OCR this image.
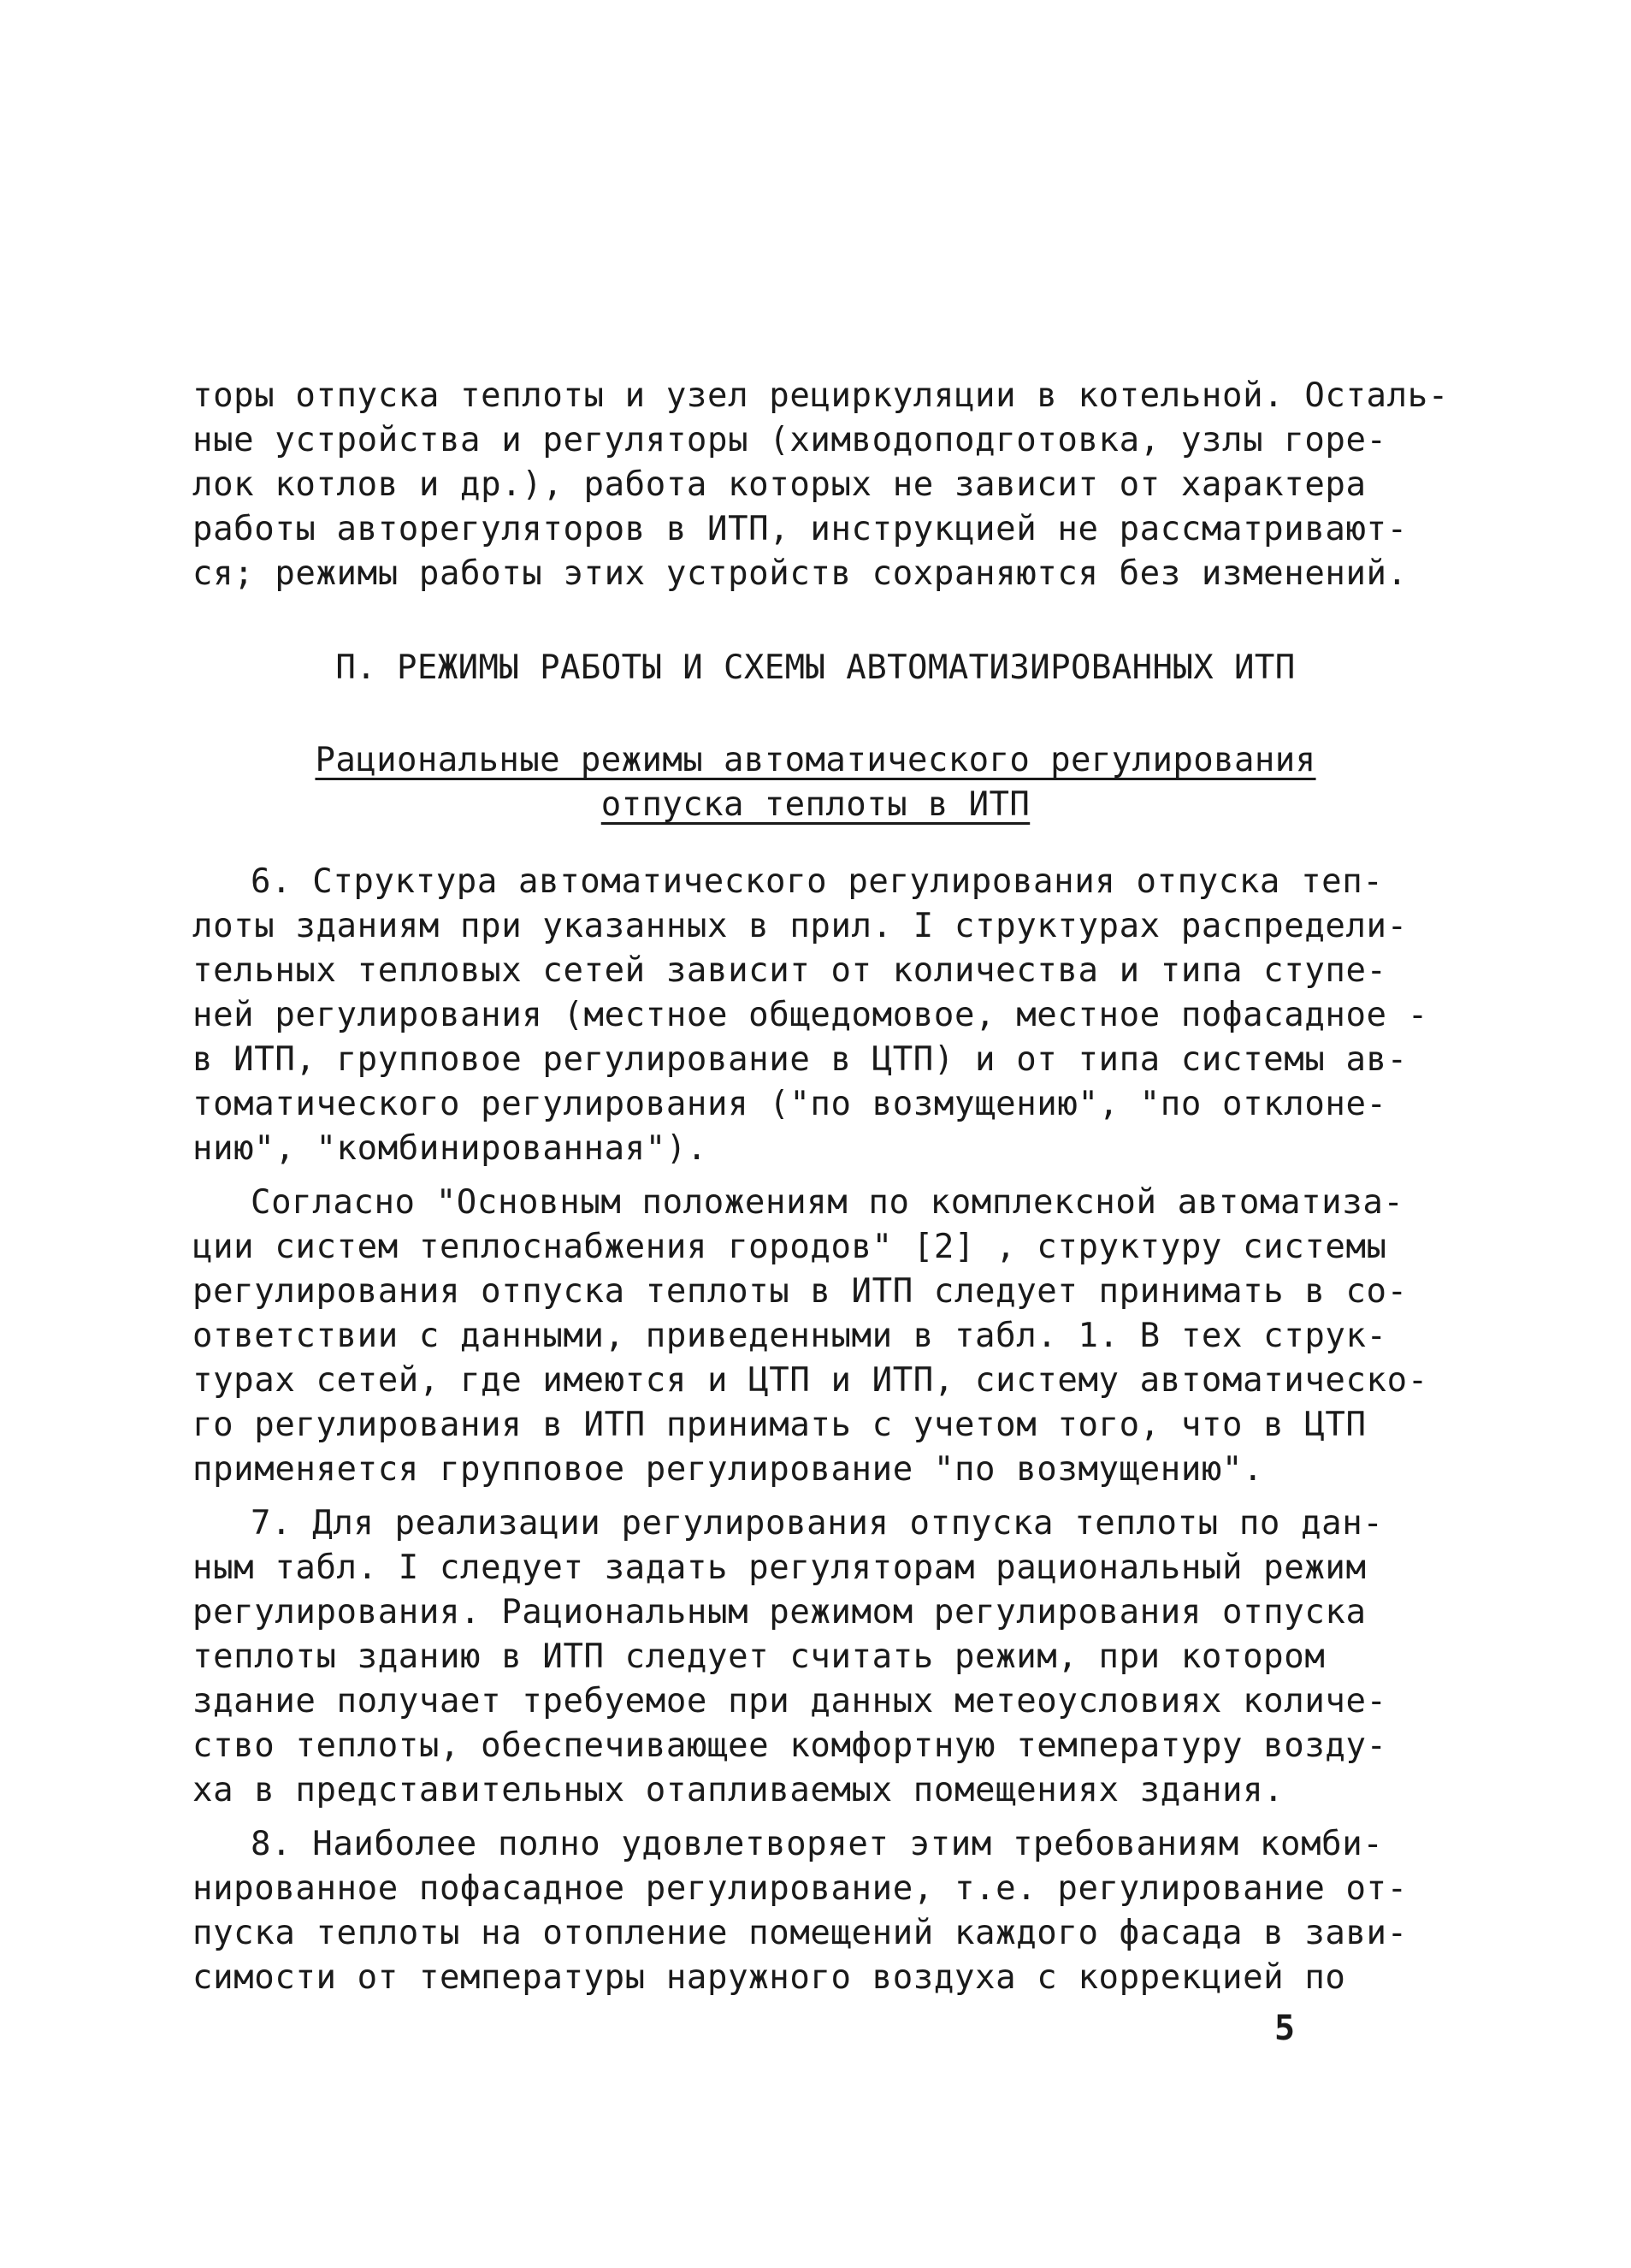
торы отпуска теплоты и узел рециркуляции в котельной. Осталь-
ные устройства и регуляторы (химводоподготовка, узлы горе-
лок котлов и др.), работа которых не зависит от характера
работы авторегуляторов в ИТП, инструкцией не рассматривают-
ся; режимы работы этих устройств сохраняются без изменений.
П. РЕЖИМЫ РАБОТЫ И СХЕМЫ АВТОМАТИЗИРОВАННЫХ ИТП
Рациональные режимы автоматического регулирования
отпуска теплоты в ИТП
6. Структура автоматического регулирования отпуска теп-
лоты зданиям при указанных в прил. I структурах распредели-
тельных тепловых сетей зависит от количества и типа ступе-
ней регулирования (местное общедомовое, местное пофасадное -
в ИТП, групповое регулирование в ЦТП) и от типа системы ав-
томатического регулирования ("по возмущению", "по отклоне-
нию", "комбинированная").
Согласно "Основным положениям по комплексной автоматиза-
ции систем теплоснабжения городов" [2] , структуру системы
регулирования отпуска теплоты в ИТП следует принимать в со-
ответствии с данными, приведенными в табл. 1. В тех струк-
турах сетей, где имеются и ЦТП и ИТП, систему автоматическо-
го регулирования в ИТП принимать с учетом того, что в ЦТП
применяется групповое регулирование "по возмущению".
7. Для реализации регулирования отпуска теплоты по дан-
ным табл. I следует задать регуляторам рациональный режим
регулирования. Рациональным режимом регулирования отпуска
теплоты зданию в ИТП следует считать режим, при котором
здание получает требуемое при данных метеоусловиях количе-
ство теплоты, обеспечивающее комфортную температуру возду-
ха в представительных отапливаемых помещениях здания.
8. Наиболее полно удовлетворяет этим требованиям комби-
нированное пофасадное регулирование, т.е. регулирование от-
пуска теплоты на отопление помещений каждого фасада в зави-
симости от температуры наружного воздуха с коррекцией по
5
